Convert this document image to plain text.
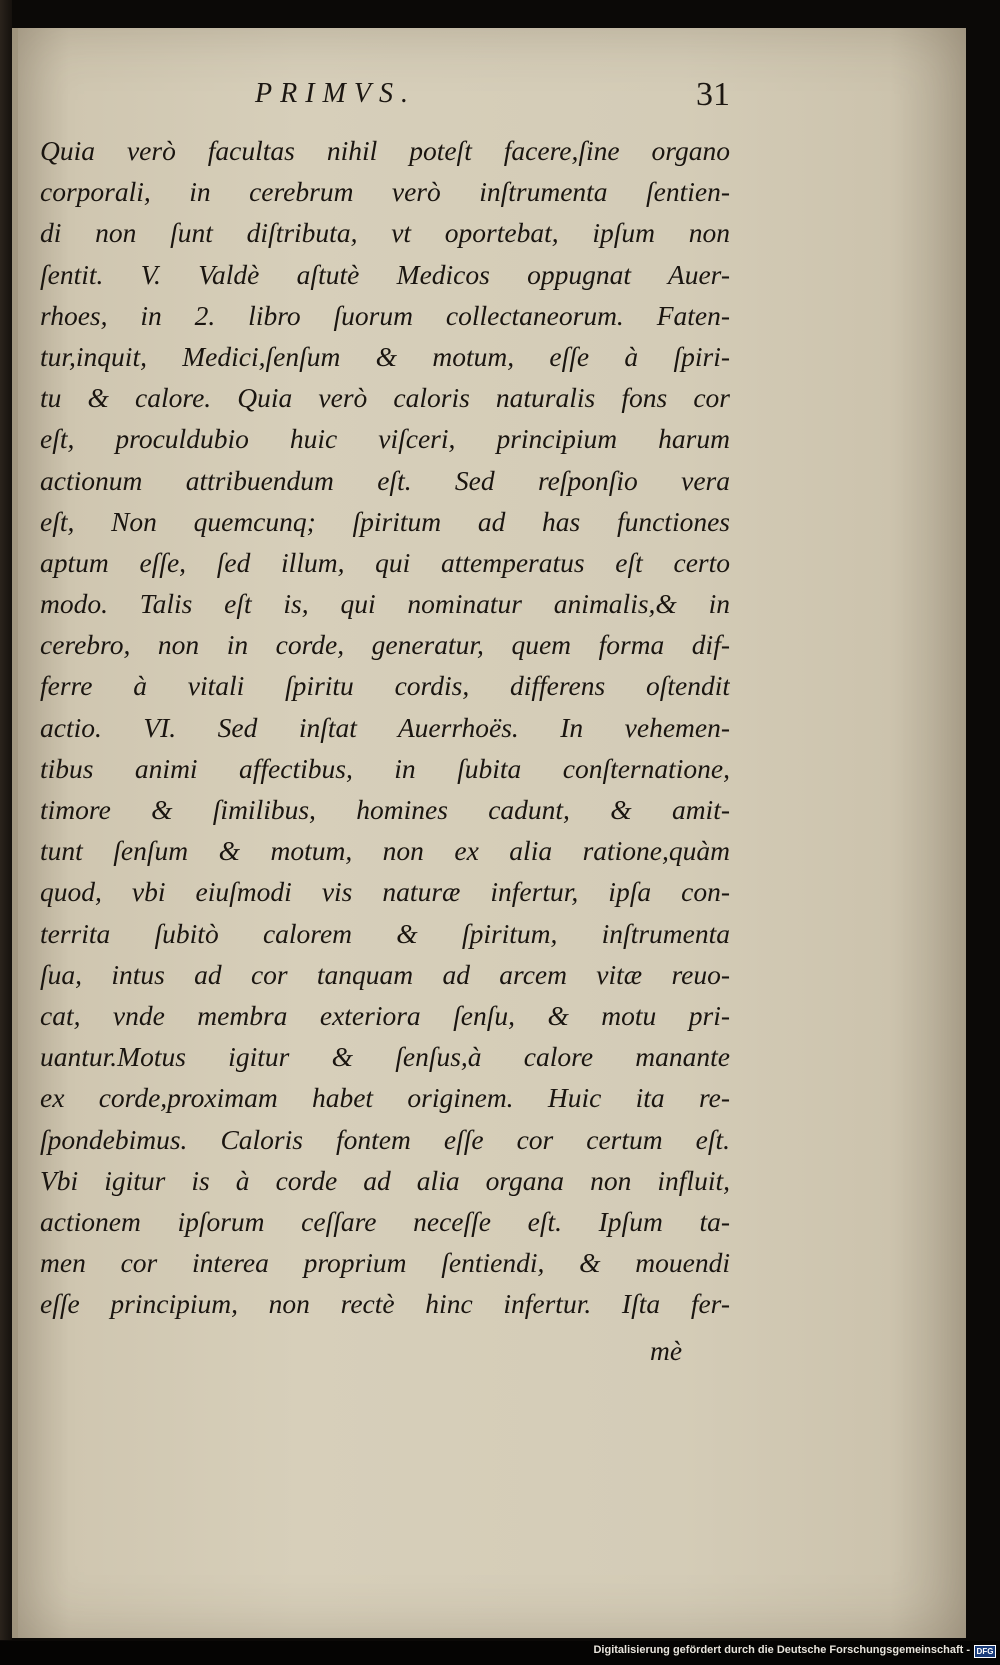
PRIMVS.	31
Quia verò facultas nihil poteſt facere,ſine organo
corporali, in cerebrum verò inſtrumenta ſentien-
di non ſunt diſtributa, vt oportebat, ipſum non
ſentit. V. Valdè aſtutè Medicos oppugnat Auer-
rhoes, in 2. libro ſuorum collectaneorum. Faten-
tur,inquit, Medici,ſenſum & motum, eſſe à ſpiri-
tu & calore. Quia verò caloris naturalis fons cor
eſt, proculdubio huic viſceri, principium harum
actionum attribuendum eſt. Sed reſponſio vera
eſt, Non quemcunq; ſpiritum ad has functiones
aptum eſſe, ſed illum, qui attemperatus eſt certo
modo. Talis eſt is, qui nominatur animalis,& in
cerebro, non in corde, generatur, quem forma dif-
ferre à vitali ſpiritu cordis, differens oſtendit
actio. VI. Sed inſtat Auerrhoës. In vehemen-
tibus animi affectibus, in ſubita conſternatione,
timore & ſimilibus, homines cadunt, & amit-
tunt ſenſum & motum, non ex alia ratione,quàm
quod, vbi eiuſmodi vis naturæ infertur, ipſa con-
territa ſubitò calorem & ſpiritum, inſtrumenta
ſua, intus ad cor tanquam ad arcem vitæ reuo-
cat, vnde membra exteriora ſenſu, & motu pri-
uantur.Motus igitur & ſenſus,à calore manante
ex corde,proximam habet originem. Huic ita re-
ſpondebimus. Caloris fontem eſſe cor certum eſt.
Vbi igitur is à corde ad alia organa non influit,
actionem ipſorum ceſſare neceſſe eſt. Ipſum ta-
men cor interea proprium ſentiendi, & mouendi
eſſe principium, non rectè hinc infertur. Iſta fer-
mè
Digitalisierung gefördert durch die Deutsche Forschungsgemeinschaft - DFG
